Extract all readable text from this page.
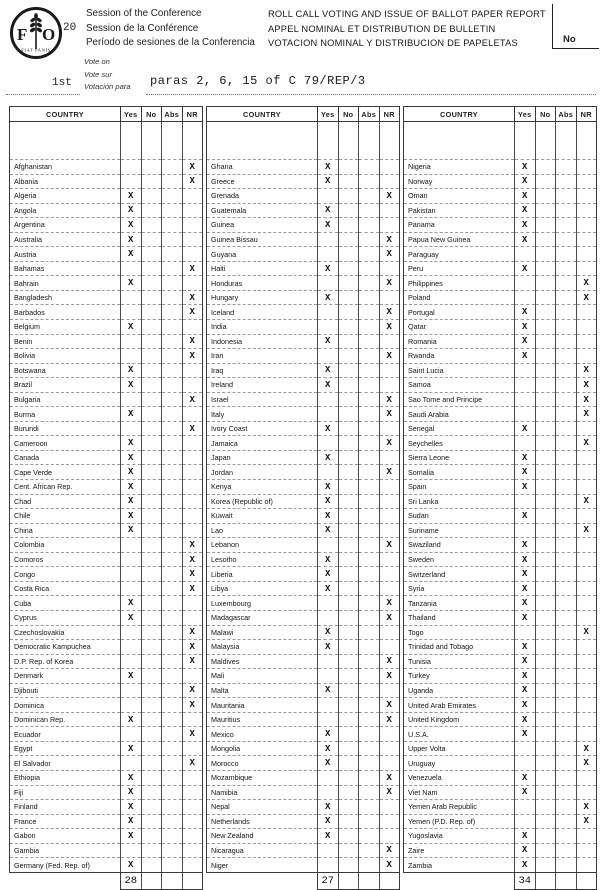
F O
FIAT PANIS
20
Session of the Conference
Session de la Conférence
Período de sesiones de la Conferencia
ROLL CALL VOTING AND ISSUE OF BALLOT PAPER REPORT
APPEL NOMINAL ET DISTRIBUTION DE BULLETIN
VOTACION NOMINAL Y DISTRIBUCION DE PAPELETAS	No
1st
Vote on
Vote sur
Votación para paras 2, 6, 15 of C 79/REP/3
COUNTRY	Yes	No	Abs	NR

Afghanistan				X
Albania				X
Algeria	X			
Angola	X			
Argentina	X			
Australia	X			
Austria	X			
Bahamas				X
Bahrain	X			
Bangladesh				X
Barbados				X
Belgium	X			
Benin				X
Bolivia				X
Botswana	X			
Brazil	X			
Bulgaria				X
Burma	X			
Burundi				X
Cameroon	X			
Canada	X			
Cape Verde	X			
Cent. African Rep.	X			
Chad	X			
Chile	X			
China	X			
Colombia				X
Comoros				X
Congo				X
Costa Rica				X
Cuba	X			
Cyprus	X			
Czechoslovakia				X
Democratic Kampuchea				X
D.P. Rep. of Korea				X
Denmark	X			
Djibouti				X
Dominica				X
Dominican Rep.	X			
Ecuador				X
Egypt	X			
El Salvador				X
Ethiopia	X			
Fiji	X			
Finland	X			
France	X			
Gabon	X			
Gambia				
Germany (Fed. Rep. of)	X			
	28			
COUNTRY	Yes	No	Abs	NR

Ghana	X			
Greece	X			
Grenada				X
Guatemala	X			
Guinea	X			
Guinea Bissau				X
Guyana				X
Haiti	X			
Honduras				X
Hungary	X			
Iceland				X
India				X
Indonesia	X			
Iran				X
Iraq	X			
Ireland	X			
Israel				X
Italy				X
Ivory Coast	X			
Jamaica				X
Japan	X			
Jordan				X
Kenya	X			
Korea (Republic of)	X			
Kuwait	X			
Lao	X			
Lebanon				X
Lesotho	X			
Liberia	X			
Libya	X			
Luxembourg				X
Madagascar				X
Malawi	X			
Malaysia	X			
Maldives				X
Mali				X
Malta	X			
Mauritania				X
Mauritius				X
Mexico	X			
Mongolia	X			
Morocco	X			
Mozambique				X
Namibia				X
Nepal	X			
Netherlands	X			
New Zealand	X			
Nicaragua				X
Niger				X
	27			
COUNTRY	Yes	No	Abs	NR

Nigeria	X			
Norway	X			
Oman	X			
Pakistan	X			
Panama	X			
Papua New Guinea	X			
Paraguay				
Peru	X			
Philippines				X
Poland				X
Portugal	X			
Qatar	X			
Romania	X			
Rwanda	X			
Saint Lucia				X
Samoa				X
Sao Tome and Principe				X
Saudi Arabia				X
Senegal	X			
Seychelles				X
Sierra Leone	X			
Somalia	X			
Spain	X			
Sri Lanka				X
Sudan	X			
Suriname				X
Swaziland	X			
Sweden	X			
Switzerland	X			
Syria	X			
Tanzania	X			
Thailand	X			
Togo				X
Trinidad and Tobago	X			
Tunisia	X			
Turkey	X			
Uganda	X			
United Arab Emirates	X			
United Kingdom	X			
U.S.A.	X			
Upper Volta				X
Uruguay				X
Venezuela	X			
Viet Nam	X			
Yemen Arab Republic				X
Yemen (P.D. Rep. of)				X
Yugoslavia	X			
Zaire	X			
Zambia	X			
	34			
